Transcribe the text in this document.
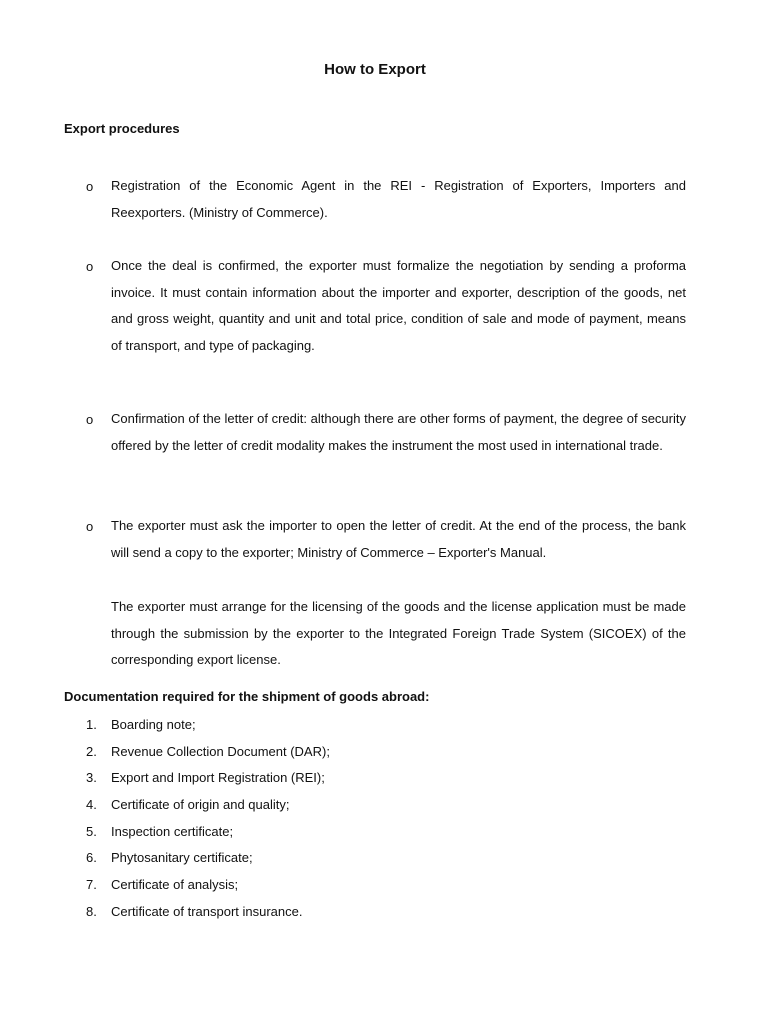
How to Export
Export procedures
o Registration of the Economic Agent in the REI - Registration of Exporters, Importers and Reexporters. (Ministry of Commerce).

o Once the deal is confirmed, the exporter must formalize the negotiation by sending a proforma invoice. It must contain information about the importer and exporter, description of the goods, net and gross weight, quantity and unit and total price, condition of sale and mode of payment, means of transport, and type of packaging.

o Confirmation of the letter of credit: although there are other forms of payment, the degree of security offered by the letter of credit modality makes the instrument the most used in international trade.

o The exporter must ask the importer to open the letter of credit. At the end of the process, the bank will send a copy to the exporter; Ministry of Commerce – Exporter's Manual.

The exporter must arrange for the licensing of the goods and the license application must be made through the submission by the exporter to the Integrated Foreign Trade System (SICOEX) of the corresponding export license.

Documentation required for the shipment of goods abroad:
1. Boarding note;
2. Revenue Collection Document (DAR);
3. Export and Import Registration (REI);
4. Certificate of origin and quality;
5. Inspection certificate;
6. Phytosanitary certificate;
7. Certificate of analysis;
8. Certificate of transport insurance.
